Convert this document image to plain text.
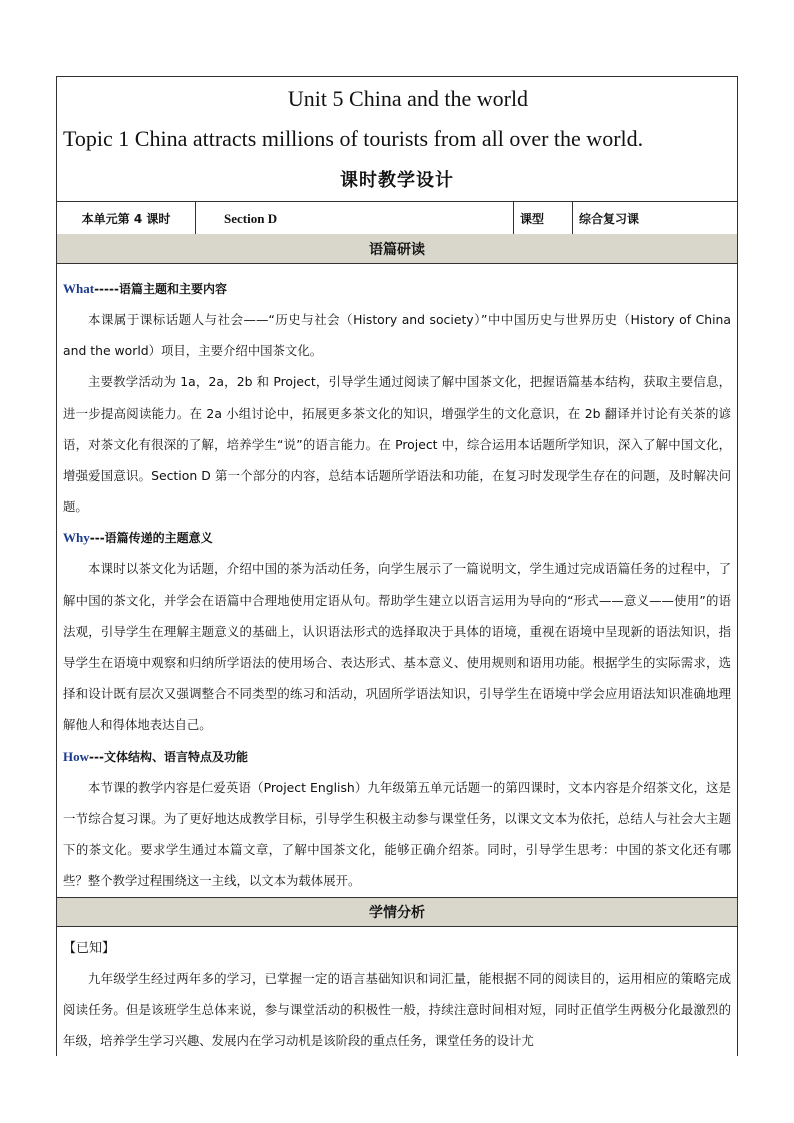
Unit 5 China and the world
Topic 1 China attracts millions of tourists from all over the world.
课时教学设计
本单元第 4 课时	Section D	课型	综合复习课
语篇研读
What-----语篇主题和主要内容

本课属于课标话题人与社会——“历史与社会（History and society）”中中国历史与世界历史（History of China and the world）项目，主要介绍中国茶文化。

主要教学活动为 1a，2a，2b 和 Project，引导学生通过阅读了解中国茶文化，把握语篇基本结构，获取主要信息，进一步提高阅读能力。在 2a 小组讨论中，拓展更多茶文化的知识，增强学生的文化意识，在 2b 翻译并讨论有关茶的谚语，对茶文化有很深的了解，培养学生“说”的语言能力。在 Project 中，综合运用本话题所学知识，深入了解中国文化，增强爱国意识。Section D 第一个部分的内容，总结本话题所学语法和功能，在复习时发现学生存在的问题，及时解决问题。

Why---语篇传递的主题意义

本课时以茶文化为话题，介绍中国的茶为活动任务，向学生展示了一篇说明文，学生通过完成语篇任务的过程中，了解中国的茶文化，并学会在语篇中合理地使用定语从句。帮助学生建立以语言运用为导向的“形式——意义——使用”的语法观，引导学生在理解主题意义的基础上，认识语法形式的选择取决于具体的语境，重视在语境中呈现新的语法知识，指导学生在语境中观察和归纳所学语法的使用场合、表达形式、基本意义、使用规则和语用功能。根据学生的实际需求，选择和设计既有层次又强调整合不同类型的练习和活动，巩固所学语法知识，引导学生在语境中学会应用语法知识准确地理解他人和得体地表达自己。

How---文体结构、语言特点及功能

本节课的教学内容是仁爱英语（Project English）九年级第五单元话题一的第四课时，文本内容是介绍茶文化，这是一节综合复习课。为了更好地达成教学目标，引导学生积极主动参与课堂任务，以课文文本为依托，总结人与社会大主题下的茶文化。要求学生通过本篇文章，了解中国茶文化，能够正确介绍茶。同时，引导学生思考：中国的茶文化还有哪些？整个教学过程围绕这一主线，以文本为载体展开。

学情分析
【已知】

九年级学生经过两年多的学习，已掌握一定的语言基础知识和词汇量，能根据不同的阅读目的，运用相应的策略完成阅读任务。但是该班学生总体来说，参与课堂活动的积极性一般，持续注意时间相对短，同时正值学生两极分化最激烈的年级，培养学生学习兴趣、发展内在学习动机是该阶段的重点任务，课堂任务的设计尤
